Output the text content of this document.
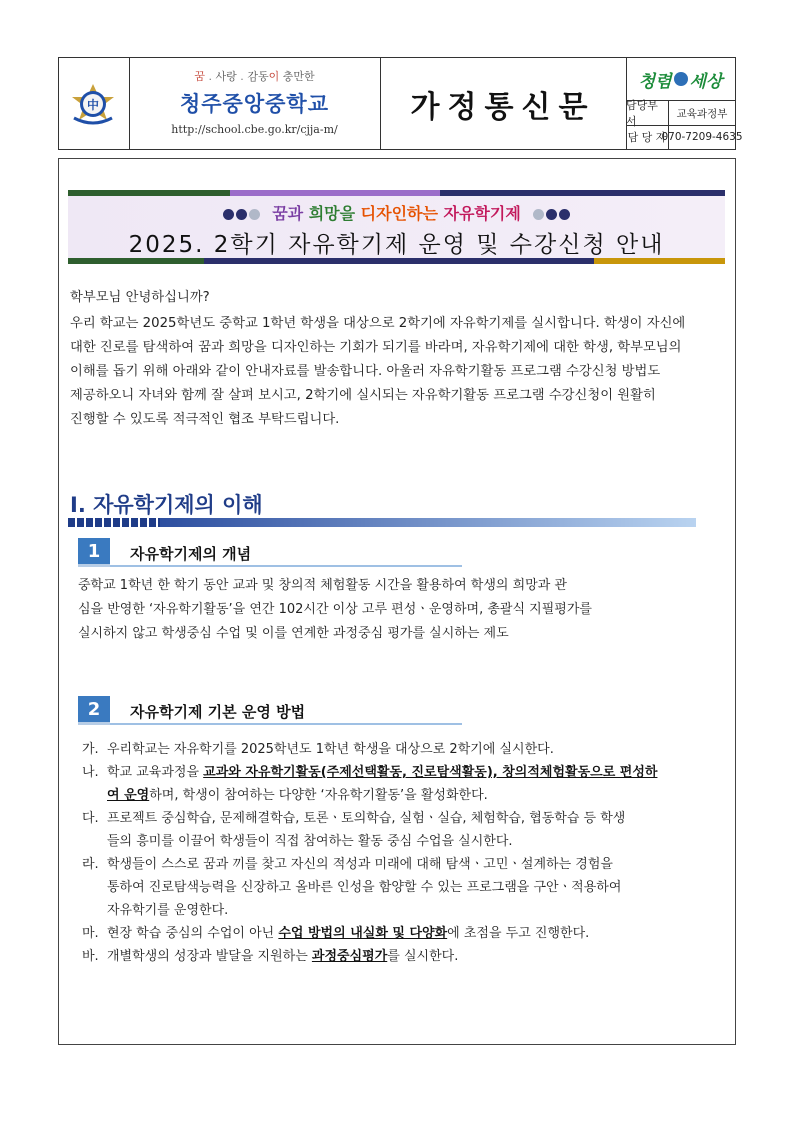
中
꿈 . 사랑 . 감동이 충만한
청주중앙중학교
http://school.cbe.go.kr/cjja-m/
가정통신문
청렴 세상
담당부서
교육과정부
담 당 자
070-7209-4635
꿈과 희망을 디자인하는 자유학기제
2025. 2학기 자유학기제 운영 및 수강신청 안내
학부모님 안녕하십니까?
우리 학교는 2025학년도 중학교 1학년 학생을 대상으로 2학기에 자유학기제를 실시합니다. 학생이 자신에
대한 진로를 탐색하여 꿈과 희망을 디자인하는 기회가 되기를 바라며, 자유학기제에 대한 학생, 학부모님의
이해를 돕기 위해 아래와 같이 안내자료를 발송합니다. 아울러 자유학기활동 프로그램 수강신청 방법도
제공하오니 자녀와 함께 잘 살펴 보시고, 2학기에 실시되는 자유학기활동 프로그램 수강신청이 원활히
진행할 수 있도록 적극적인 협조 부탁드립니다.
Ⅰ. 자유학기제의 이해
1	자유학기제의 개념
중학교 1학년 한 학기 동안 교과 및 창의적 체험활동 시간을 활용하여 학생의 희망과 관
심을 반영한 ‘자유학기활동’을 연간 102시간 이상 고루 편성ㆍ운영하며, 총괄식 지필평가를
실시하지 않고 학생중심 수업 및 이를 연계한 과정중심 평가를 실시하는 제도
2	자유학기제 기본 운영 방법
가. 우리학교는 자유학기를 2025학년도 1학년 학생을 대상으로 2학기에 실시한다.
나. 학교 교육과정을 교과와 자유학기활동(주제선택활동, 진로탐색활동), 창의적체험활동으로 편성하
여 운영하며, 학생이 참여하는 다양한 ‘자유학기활동’을 활성화한다.
다. 프로젝트 중심학습, 문제해결학습, 토론ㆍ토의학습, 실험ㆍ실습, 체험학습, 협동학습 등 학생
들의 흥미를 이끌어 학생들이 직접 참여하는 활동 중심 수업을 실시한다.
라. 학생들이 스스로 꿈과 끼를 찾고 자신의 적성과 미래에 대해 탐색ㆍ고민ㆍ설계하는 경험을
통하여 진로탐색능력을 신장하고 올바른 인성을 함양할 수 있는 프로그램을 구안ㆍ적용하여
자유학기를 운영한다.
마. 현장 학습 중심의 수업이 아닌 수업 방법의 내실화 및 다양화에 초점을 두고 진행한다.
바. 개별학생의 성장과 발달을 지원하는 과정중심평가를 실시한다.
